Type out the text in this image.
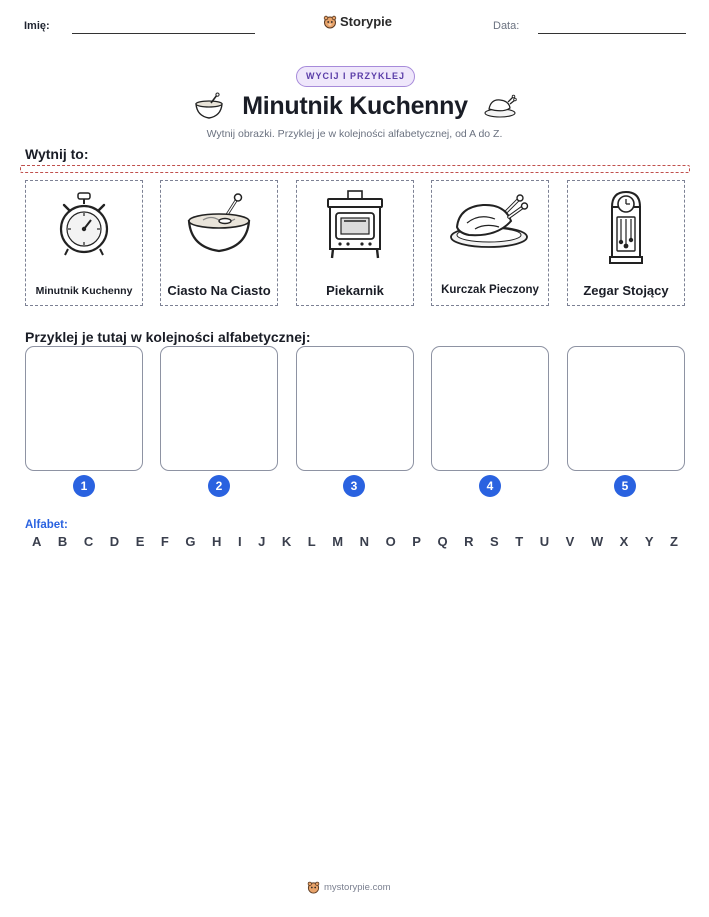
Imię:	Storypie	Data:
WYCIJ I PRZYKLEJ
Minutnik Kuchenny
Wytnij obrazki. Przyklej je w kolejności alfabetycznej, od A do Z.
Wytnij to:
Minutnik Kuchenny	Ciasto Na Ciasto	Piekarnik	Kurczak Pieczony	Zegar Stojący
Przyklej je tutaj w kolejności alfabetycznej:
1	2	3	4	5
Alfabet:
A B C D E F G H I J K L M N O P Q R S T U V W X Y Z
mystorypie.com
